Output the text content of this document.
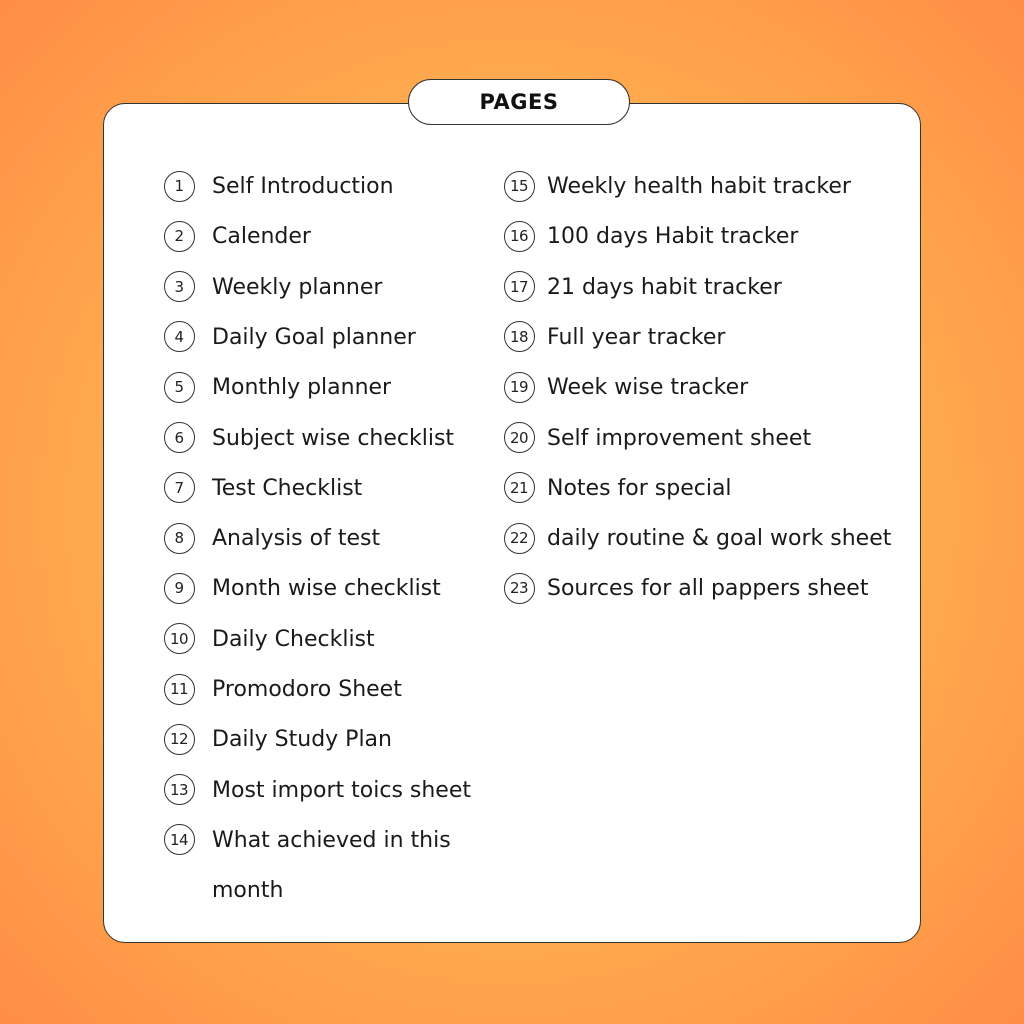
PAGES
1	Self Introduction
2	Calender
3	Weekly planner
4	Daily Goal planner
5	Monthly planner
6	Subject wise checklist
7	Test Checklist
8	Analysis of test
9	Month wise checklist
10 Daily Checklist
11 Promodoro Sheet
12 Daily Study Plan
13 Most import toics sheet
14 What achieved in this month
15 Weekly health habit tracker
16 100 days Habit tracker
17 21 days habit tracker
18 Full year tracker
19 Week wise tracker
20 Self improvement sheet
21 Notes for special
22 daily routine & goal work sheet
23 Sources for all pappers sheet
